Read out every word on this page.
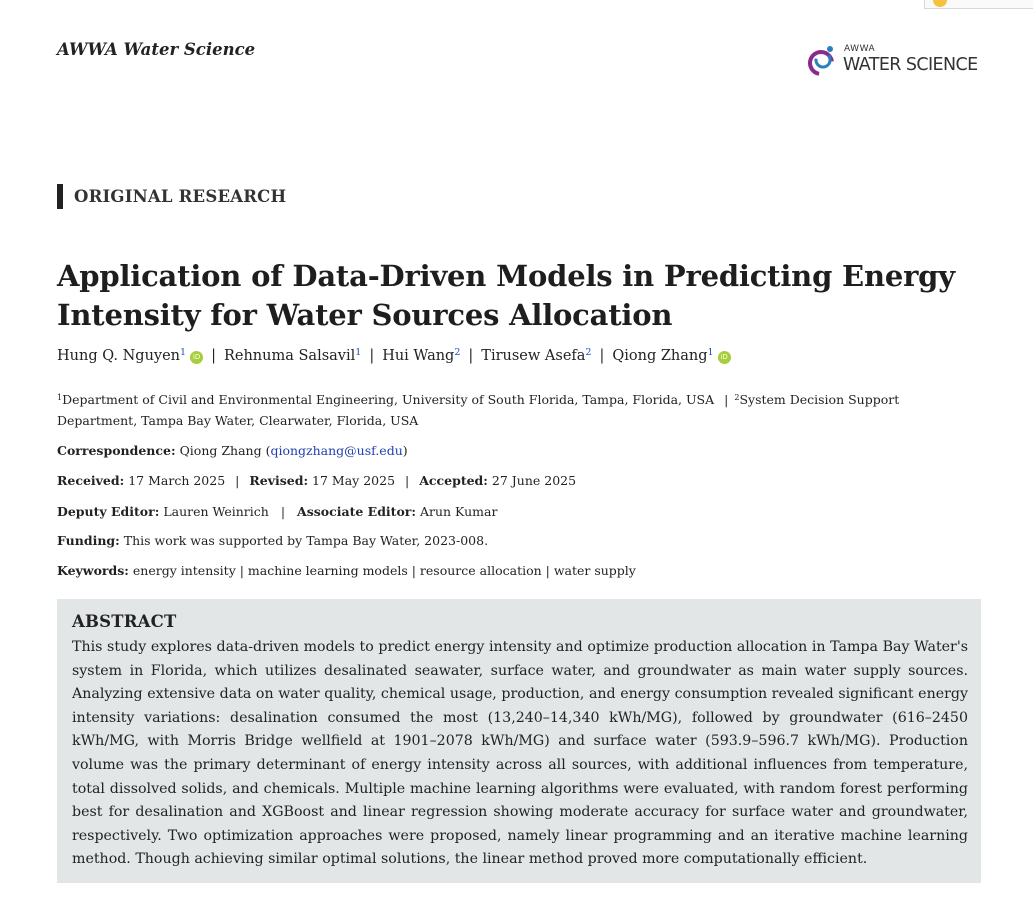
AWWA Water Science	AWWA
WATER SCIENCE
ORIGINAL RESEARCH
Application of Data-Driven Models in Predicting Energy Intensity for Water Sources Allocation
Hung Q. Nguyen$^1$ iD | Rehnuma Salsavil$^1$ | Hui Wang$^2$ | Tirusew Asefa$^2$ | Qiong Zhang$^1$ iD
$^1$Department of Civil and Environmental Engineering, University of South Florida, Tampa, Florida, USA | $^2$System Decision Support Department, Tampa Bay Water, Clearwater, Florida, USA
Correspondence: Qiong Zhang (qiongzhang@usf.edu)
Received: 17 March 2025 | Revised: 17 May 2025 | Accepted: 27 June 2025
Deputy Editor: Lauren Weinrich | Associate Editor: Arun Kumar
Funding: This work was supported by Tampa Bay Water, 2023-008.
Keywords: energy intensity | machine learning models | resource allocation | water supply
ABSTRACT
This study explores data-driven models to predict energy intensity and optimize production allocation in Tampa Bay Water's system in Florida, which utilizes desalinated seawater, surface water, and groundwater as main water supply sources. Analyzing extensive data on water quality, chemical usage, production, and energy consumption revealed significant energy intensity variations: desalination consumed the most (13,240–14,340 kWh/MG), followed by groundwater (616–2450 kWh/MG, with Morris Bridge wellfield at 1901–2078 kWh/MG) and surface water (593.9–596.7 kWh/MG). Production volume was the primary determinant of energy intensity across all sources, with additional influences from temperature, total dissolved solids, and chemicals. Multiple machine learning algorithms were evaluated, with random forest performing best for desalination and XGBoost and linear regression showing moderate accuracy for surface water and groundwater, respectively. Two optimization approaches were proposed, namely linear programming and an iterative machine learning method. Though achieving similar optimal solutions, the linear method proved more computationally efficient.
